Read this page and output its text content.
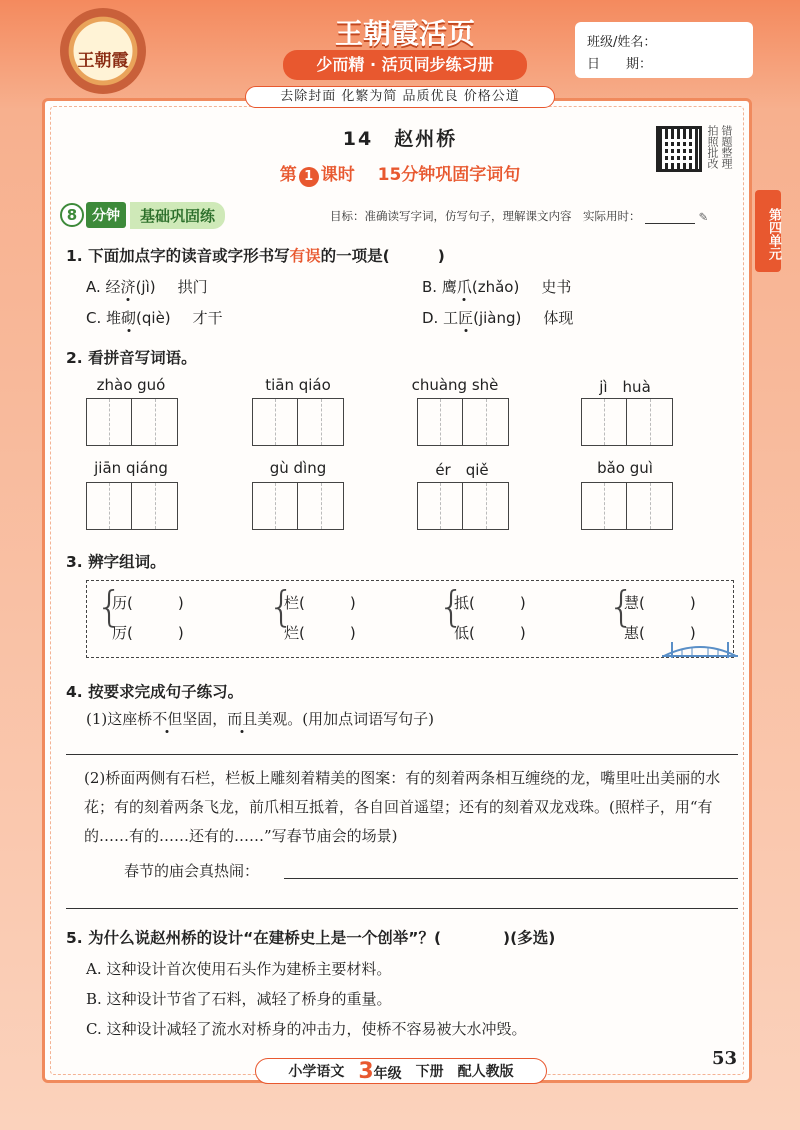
王朝霞
王朝霞活页
少而精 · 活页同步练习册
班级/姓名：
日　　期：
去除封面 化繁为简 品质优良 价格公道
第四单元
14　赵州桥
第 1 课时　 15分钟巩固字词句
拍照批改 错题整理
8	分钟	基础巩固练	目标：准确读写字词，仿写句子，理解课文内容　实际用时：	✎
1. 下面加点字的读音或字形书写有误的一项是(	)
A. 经济(jì) 拱门	B. 鹰爪(zhǎo) 史书
C. 堆砌(qiè) 才干	D. 工匠(jiàng) 体现
2. 看拼音写词语。
zhào guó	tiān qiáo	chuàng shè	jì　huà
jiān qiáng	gù dìng	ér　qiě	bǎo guì
3. 辨字组词。
{
历(　　　)
厉(　　　)
{
栏(　　　)
烂(　　　)
{
抵(　　　)
低(　　　)
{
慧(　　　)
惠(　　　)
4. 按要求完成句子练习。
(1)这座桥不但坚固，而且美观。(用加点词语写句子)
(2)桥面两侧有石栏，栏板上雕刻着精美的图案：有的刻着两条相互缠绕的龙，嘴里吐出美丽的水花；有的刻着两条飞龙，前爪相互抵着，各自回首遥望；还有的刻着双龙戏珠。(照样子，用“有的……有的……还有的……”写春节庙会的场景)
春节的庙会真热闹：
5. 为什么说赵州桥的设计“在建桥史上是一个创举”？(　　　　)(多选)
A. 这种设计首次使用石头作为建桥主要材料。
B. 这种设计节省了石料，减轻了桥身的重量。
C. 这种设计减轻了流水对桥身的冲击力，使桥不容易被大水冲毁。
小学语文 3年级 下册 配人教版
53
